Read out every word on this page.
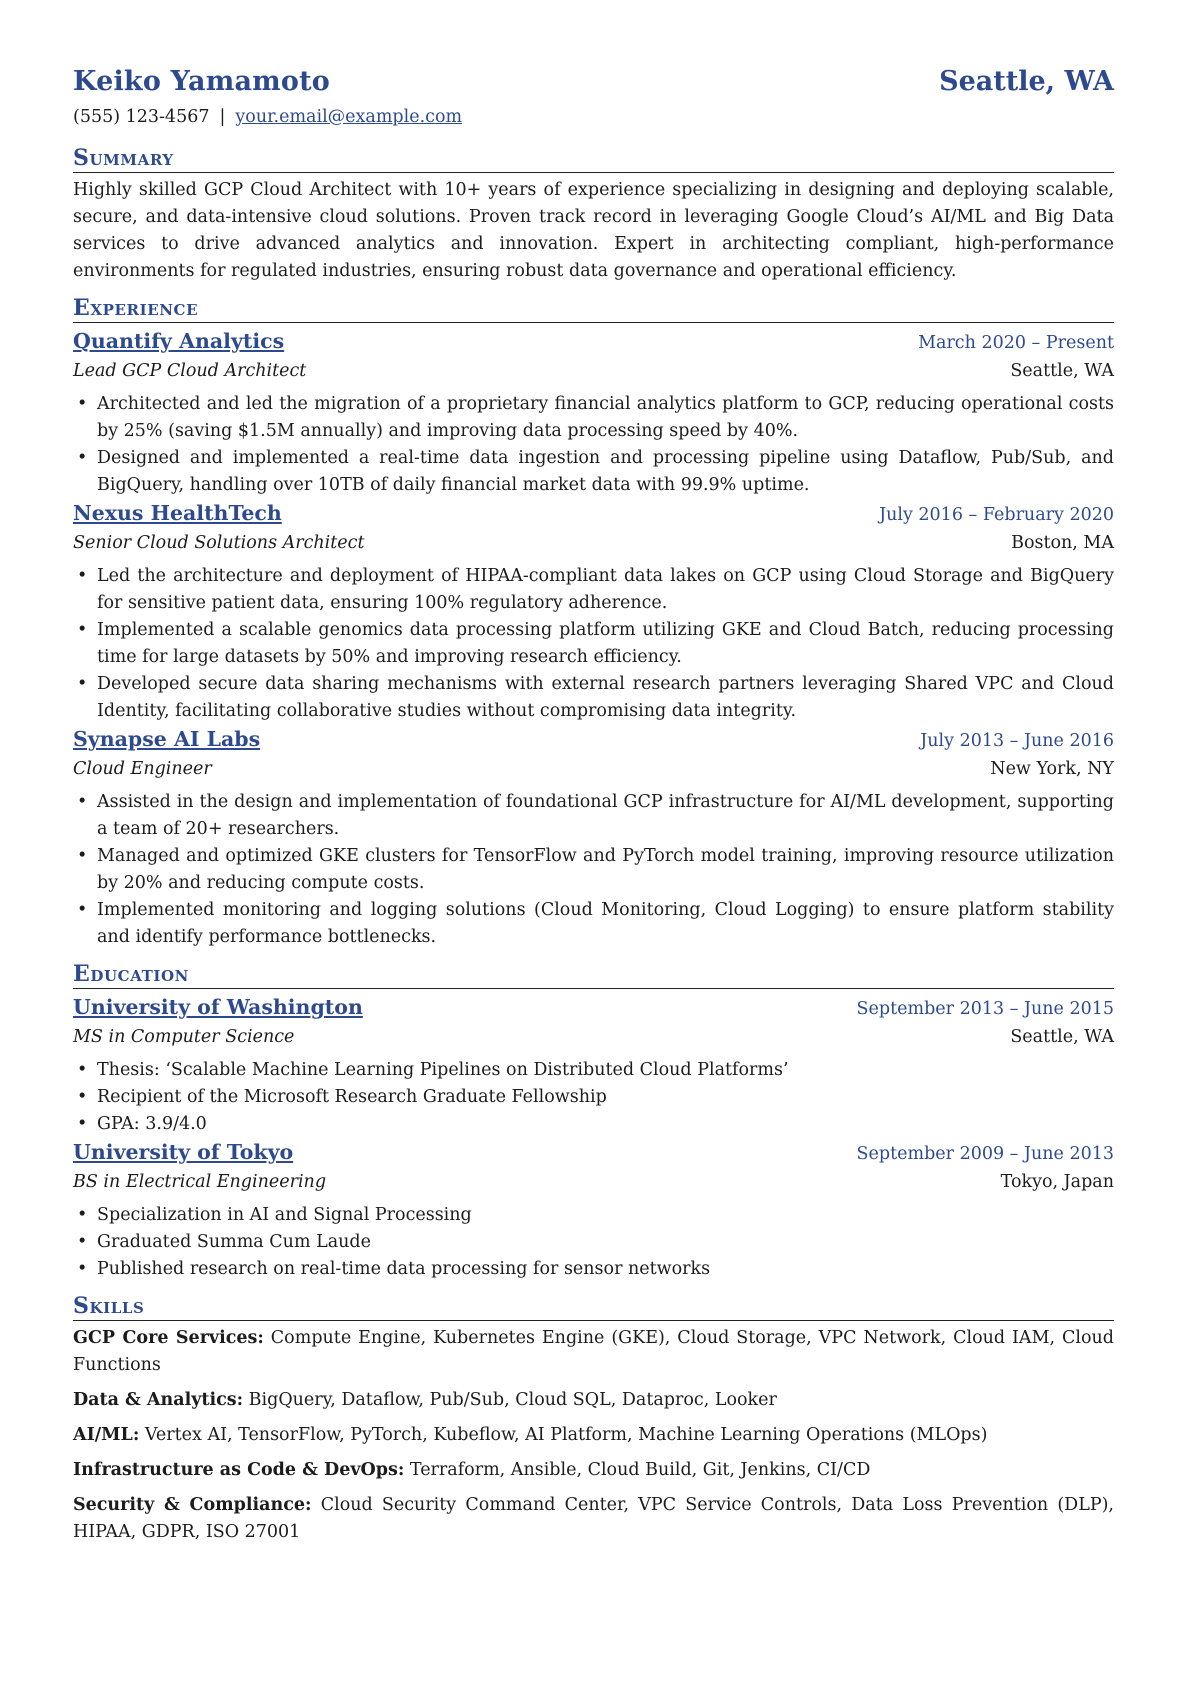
Keiko Yamamoto	Seattle, WA
(555) 123-4567 | your.email@example.com
Summary

Highly skilled GCP Cloud Architect with 10+ years of experience specializing in designing and deploying scalable, secure, and data-intensive cloud solutions. Proven track record in leveraging Google Cloud’s AI/ML and Big Data services to drive advanced analytics and innovation. Expert in architecting compliant, high-performance environments for regulated industries, ensuring robust data governance and operational efficiency.

Experience
Quantify Analytics	March 2020 – Present
Lead GCP Cloud Architect	Seattle, WA
• Architected and led the migration of a proprietary financial analytics platform to GCP, reducing operational costs by 25% (saving $1.5M annually) and improving data processing speed by 40%.
• Designed and implemented a real-time data ingestion and processing pipeline using Dataflow, Pub/Sub, and BigQuery, handling over 10TB of daily financial market data with 99.9% uptime.
Nexus HealthTech	July 2016 – February 2020
Senior Cloud Solutions Architect	Boston, MA
• Led the architecture and deployment of HIPAA-compliant data lakes on GCP using Cloud Storage and BigQuery for sensitive patient data, ensuring 100% regulatory adherence.
• Implemented a scalable genomics data processing platform utilizing GKE and Cloud Batch, reducing processing time for large datasets by 50% and improving research efficiency.
• Developed secure data sharing mechanisms with external research partners leveraging Shared VPC and Cloud Identity, facilitating collaborative studies without compromising data integrity.
Synapse AI Labs	July 2013 – June 2016
Cloud Engineer	New York, NY
• Assisted in the design and implementation of foundational GCP infrastructure for AI/ML development, supporting a team of 20+ researchers.
• Managed and optimized GKE clusters for TensorFlow and PyTorch model training, improving resource utilization by 20% and reducing compute costs.
• Implemented monitoring and logging solutions (Cloud Monitoring, Cloud Logging) to ensure platform stability and identify performance bottlenecks.
Education
University of Washington	September 2013 – June 2015
MS in Computer Science	Seattle, WA
• Thesis: ‘Scalable Machine Learning Pipelines on Distributed Cloud Platforms’
• Recipient of the Microsoft Research Graduate Fellowship
• GPA: 3.9/4.0
University of Tokyo	September 2009 – June 2013
BS in Electrical Engineering	Tokyo, Japan
• Specialization in AI and Signal Processing
• Graduated Summa Cum Laude
• Published research on real-time data processing for sensor networks
Skills

GCP Core Services: Compute Engine, Kubernetes Engine (GKE), Cloud Storage, VPC Network, Cloud IAM, Cloud Functions

Data & Analytics: BigQuery, Dataflow, Pub/Sub, Cloud SQL, Dataproc, Looker

AI/ML: Vertex AI, TensorFlow, PyTorch, Kubeflow, AI Platform, Machine Learning Operations (MLOps)

Infrastructure as Code & DevOps: Terraform, Ansible, Cloud Build, Git, Jenkins, CI/CD

Security & Compliance: Cloud Security Command Center, VPC Service Controls, Data Loss Prevention (DLP), HIPAA, GDPR, ISO 27001
